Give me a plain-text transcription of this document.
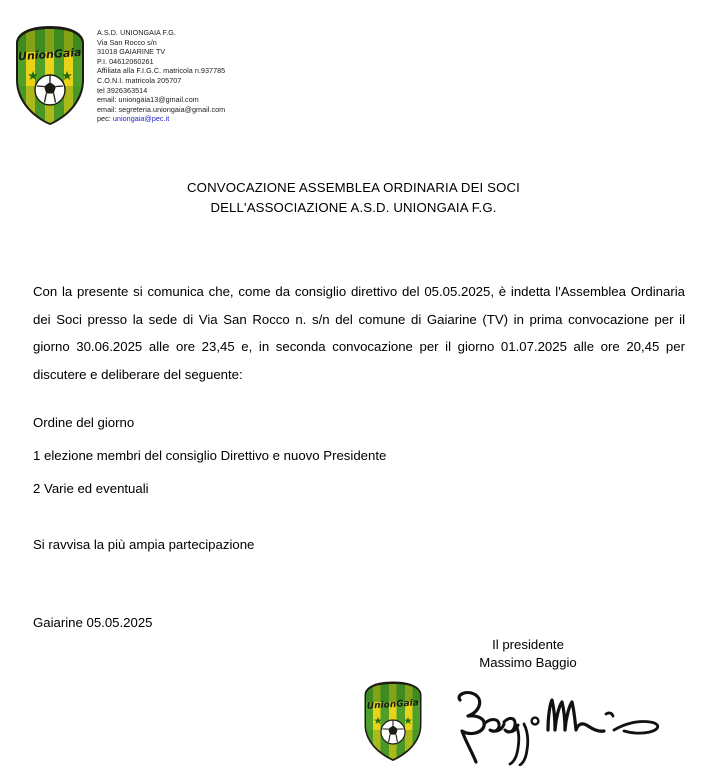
UnionGaia
A.S.D. UNIONGAIA F.G.
Via San Rocco s/n
31018 GAIARINE TV
P.I. 04612060261
Affiliata alla F.I.G.C. matricola n.937785
C.O.N.I. matricola 205707
tel 3926363514
email: uniongaia13@gmail.com
email: segreteria.uniongaia@gmail.com
pec: uniongaia@pec.it
CONVOCAZIONE ASSEMBLEA ORDINARIA DEI SOCI
DELL'ASSOCIAZIONE A.S.D. UNIONGAIA F.G.

Con la presente si comunica che, come da consiglio direttivo del 05.05.2025, è indetta l'Assemblea Ordinaria dei Soci presso la sede di Via San Rocco n. s/n del comune di Gaiarine (TV) in prima convocazione per il giorno 30.06.2025 alle ore 23,45 e, in seconda convocazione per il giorno 01.07.2025 alle ore 20,45 per discutere e deliberare del seguente:

Ordine del giorno

1 elezione membri del consiglio Direttivo e nuovo Presidente

2 Varie ed eventuali

Si ravvisa la più ampia partecipazione

Gaiarine 05.05.2025

Il presidente
Massimo Baggio
UnionGaia
